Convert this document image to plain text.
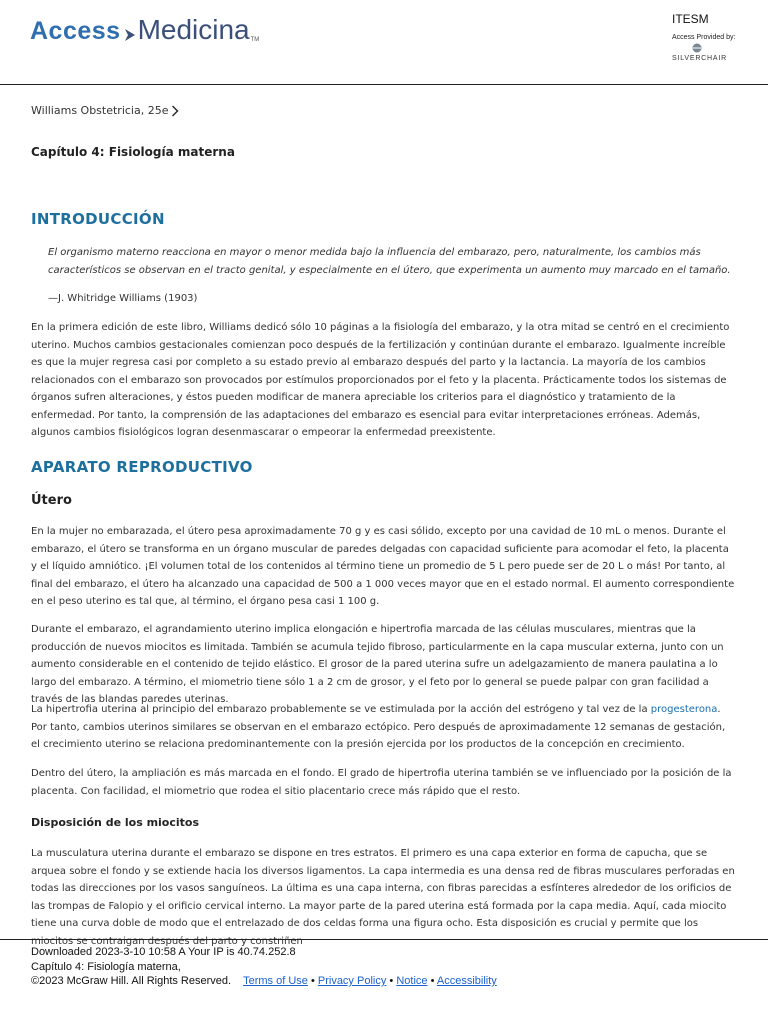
Access Medicina TM
ITESM
Access Provided by:
SILVERCHAIR
Williams Obstetricia, 25e
Capítulo 4: Fisiología materna
INTRODUCCIÓN

El organismo materno reacciona en mayor o menor medida bajo la influencia del embarazo, pero, naturalmente, los cambios más característicos se observan en el tracto genital, y especialmente en el útero, que experimenta un aumento muy marcado en el tamaño.

—J. Whitridge Williams (1903)

En la primera edición de este libro, Williams dedicó sólo 10 páginas a la fisiología del embarazo, y la otra mitad se centró en el crecimiento uterino. Muchos cambios gestacionales comienzan poco después de la fertilización y continúan durante el embarazo. Igualmente increíble es que la mujer regresa casi por completo a su estado previo al embarazo después del parto y la lactancia. La mayoría de los cambios relacionados con el embarazo son provocados por estímulos proporcionados por el feto y la placenta. Prácticamente todos los sistemas de órganos sufren alteraciones, y éstos pueden modificar de manera apreciable los criterios para el diagnóstico y tratamiento de la enfermedad. Por tanto, la comprensión de las adaptaciones del embarazo es esencial para evitar interpretaciones erróneas. Además, algunos cambios fisiológicos logran desenmascarar o empeorar la enfermedad preexistente.

APARATO REPRODUCTIVO
Útero

En la mujer no embarazada, el útero pesa aproximadamente 70 g y es casi sólido, excepto por una cavidad de 10 mL o menos. Durante el embarazo, el útero se transforma en un órgano muscular de paredes delgadas con capacidad suficiente para acomodar el feto, la placenta y el líquido amniótico. ¡El volumen total de los contenidos al término tiene un promedio de 5 L pero puede ser de 20 L o más! Por tanto, al final del embarazo, el útero ha alcanzado una capacidad de 500 a 1 000 veces mayor que en el estado normal. El aumento correspondiente en el peso uterino es tal que, al término, el órgano pesa casi 1 100 g.

Durante el embarazo, el agrandamiento uterino implica elongación e hipertrofia marcada de las células musculares, mientras que la producción de nuevos miocitos es limitada. También se acumula tejido fibroso, particularmente en la capa muscular externa, junto con un aumento considerable en el contenido de tejido elástico. El grosor de la pared uterina sufre un adelgazamiento de manera paulatina a lo largo del embarazo. A término, el miometrio tiene sólo 1 a 2 cm de grosor, y el feto por lo general se puede palpar con gran facilidad a través de las blandas paredes uterinas.

La hipertrofia uterina al principio del embarazo probablemente se ve estimulada por la acción del estrógeno y tal vez de la progesterona. Por tanto, cambios uterinos similares se observan en el embarazo ectópico. Pero después de aproximadamente 12 semanas de gestación, el crecimiento uterino se relaciona predominantemente con la presión ejercida por los productos de la concepción en crecimiento.

Dentro del útero, la ampliación es más marcada en el fondo. El grado de hipertrofia uterina también se ve influenciado por la posición de la placenta. Con facilidad, el miometrio que rodea el sitio placentario crece más rápido que el resto.

Disposición de los miocitos

La musculatura uterina durante el embarazo se dispone en tres estratos. El primero es una capa exterior en forma de capucha, que se arquea sobre el fondo y se extiende hacia los diversos ligamentos. La capa intermedia es una densa red de fibras musculares perforadas en todas las direcciones por los vasos sanguíneos. La última es una capa interna, con fibras parecidas a esfínteres alrededor de los orificios de las trompas de Falopio y el orificio cervical interno. La mayor parte de la pared uterina está formada por la capa media. Aquí, cada miocito tiene una curva doble de modo que el entrelazado de dos celdas forma una figura ocho. Esta disposición es crucial y permite que los miocitos se contraigan después del parto y constriñen

Downloaded 2023-3-10 10:58 A Your IP is 40.74.252.8
Capítulo 4: Fisiología materna,
©2023 McGraw Hill. All Rights Reserved. Terms of Use • Privacy Policy • Notice • Accessibility
